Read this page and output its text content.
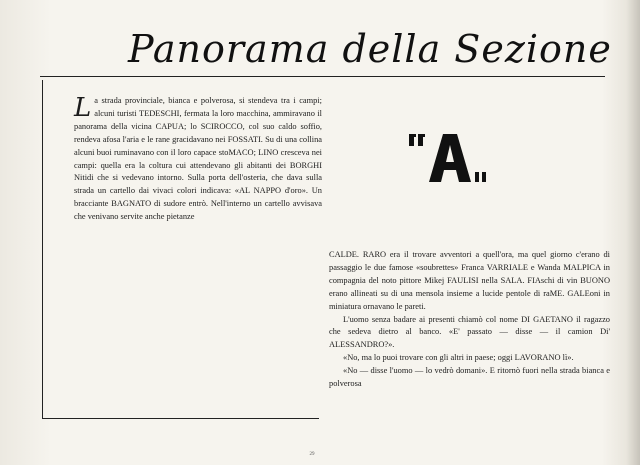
Panorama della Sezione

La strada provinciale, bianca e polverosa, si stendeva tra i campi; alcuni turisti TEDESCHI, fermata la loro macchina, ammiravano il panorama della vicina CAPUA; lo SCIROCCO, col suo caldo soffio, rendeva afosa l'aria e le rane gracidavano nei FOSSATI. Su di una collina alcuni buoi ruminavano con il loro capace stoMACO; LINO cresceva nei campi: quella era la coltura cui attendevano gli abitanti dei BORGHI Nitidi che si vedevano intorno. Sulla porta dell'osteria, che dava sulla strada un cartello dai vivaci colori indicava: «AL NAPPO d'oro». Un bracciante BAGNATO di sudore entrò. Nell'interno un cartello avvisava che venivano servite anche pietanze

CALDE. RARO era il trovare avventori a quell'ora, ma quel giorno c'erano di passaggio le due famose «soubrettes» Franca VARRIALE e Wanda MALPICA in compagnia del noto pittore Mikej FAULISI nella SALA. FIAschi di vin BUONO erano allineati su di una mensola insieme a lucide pentole di raME. GALEoni in miniatura ornavano le pareti.

L'uomo senza badare ai presenti chiamò col nome DI GAETANO il ragazzo che sedeva dietro al banco. «E' passato — disse — il camion Di' ALESSANDRO?».

«No, ma lo puoi trovare con gli altri in paese; oggi LAVORANO lì».

«No — disse l'uomo — lo vedrò domani». E ritornò fuori nella strada bianca e polverosa

29
